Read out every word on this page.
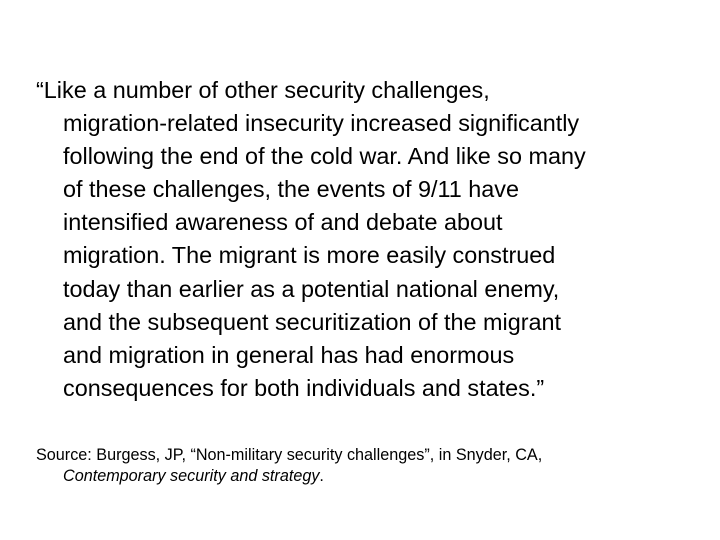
“Like a number of other security challenges,
migration-related insecurity increased significantly
following the end of the cold war. And like so many
of these challenges, the events of 9/11 have
intensified awareness of and debate about
migration. The migrant is more easily construed
today than earlier as a potential national enemy,
and the subsequent securitization of the migrant
and migration in general has had enormous
consequences for both individuals and states.”
Source: Burgess, JP, “Non-military security challenges”, in Snyder, CA,
Contemporary security and strategy.
